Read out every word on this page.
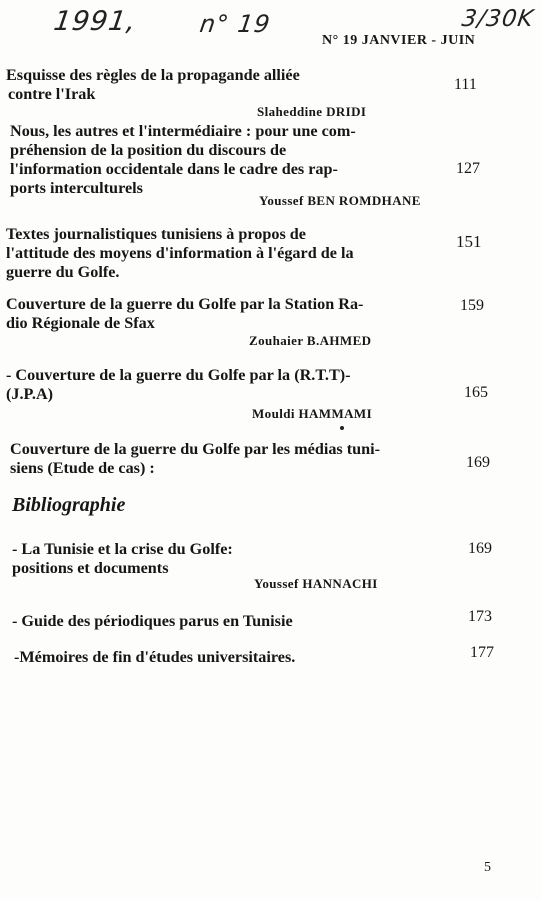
1991, n° 19	3/30K
N° 19 JANVIER - JUIN
Esquisse des règles de la propagande alliée
contre l'Irak
Slaheddine DRIDI
111
Nous, les autres et l'intermédiaire : pour une com-
préhension de la position du discours de
l'information occidentale dans le cadre des rap-
ports interculturels
Youssef BEN ROMDHANE
127
Textes journalistiques tunisiens à propos de
l'attitude des moyens d'information à l'égard de la
guerre du Golfe.
151
Couverture de la guerre du Golfe par la Station Ra-
dio Régionale de Sfax
Zouhaier B.AHMED
159
- Couverture de la guerre du Golfe par la (R.T.T)-
(J.P.A)
Mouldi HAMMAMI
165
Couverture de la guerre du Golfe par les médias tuni-
siens (Etude de cas) :	169
Bibliographie
- La Tunisie et la crise du Golfe:
positions et documents
Youssef HANNACHI
169
- Guide des périodiques parus en Tunisie	173
-Mémoires de fin d'études universitaires.	177
5
